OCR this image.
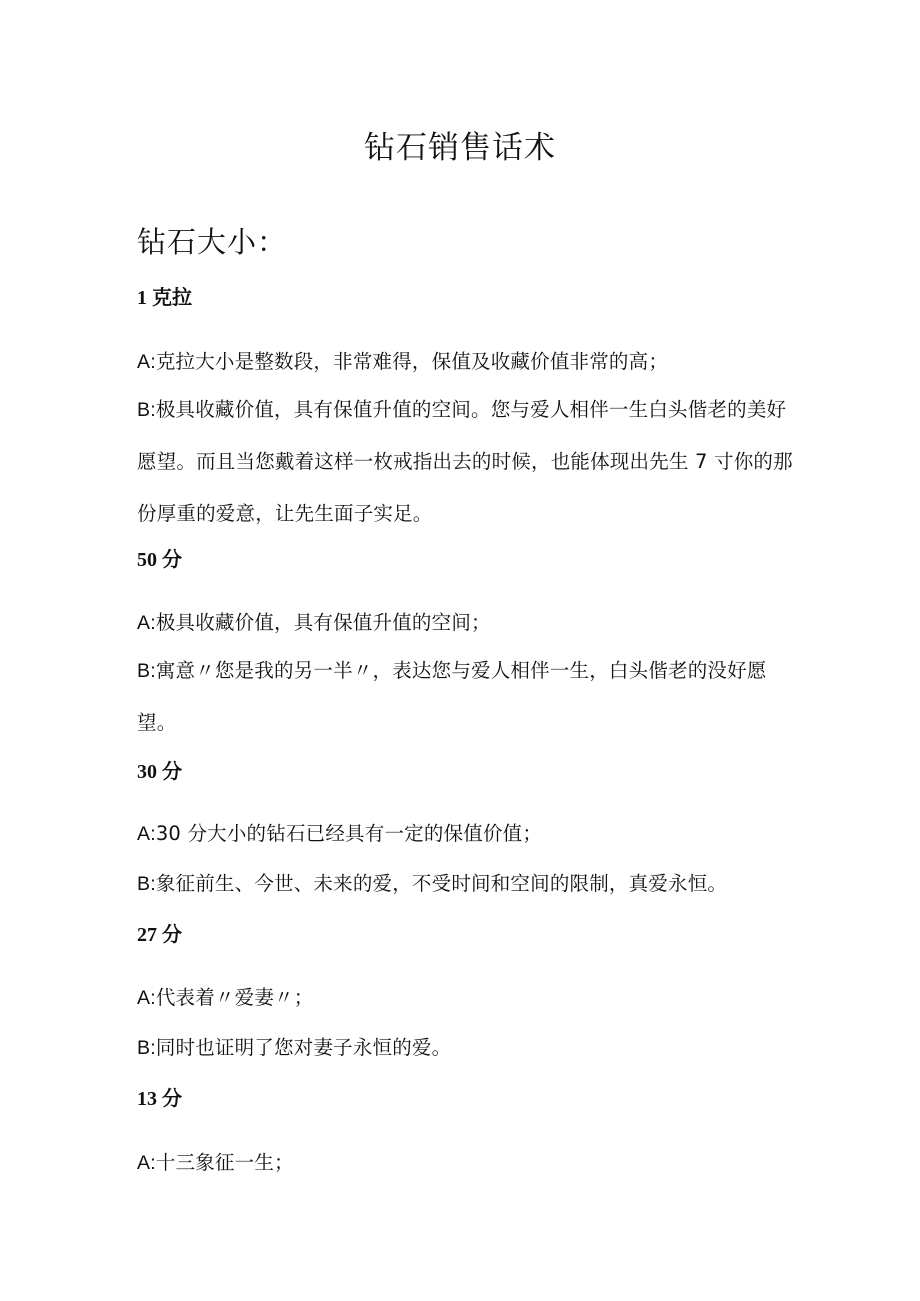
钻石销售话术
钻石大小：
1 克拉

A:克拉大小是整数段，非常难得，保值及收藏价值非常的高；

B:极具收藏价值，具有保值升值的空间。您与爱人相伴一生白头偕老的美好愿望。而且当您戴着这样一枚戒指出去的时候，也能体现出先生 7 寸你的那份厚重的爱意，让先生面子实足。

50 分

A:极具收藏价值，具有保值升值的空间；

B:寓意〃您是我的另一半〃，表达您与爱人相伴一生，白头偕老的没好愿望。

30 分

A:30 分大小的钻石已经具有一定的保值价值；

B:象征前生、今世、未来的爱，不受时间和空间的限制，真爱永恒。

27 分

A:代表着〃爱妻〃；

B:同时也证明了您对妻子永恒的爱。

13 分

A:十三象征一生；
